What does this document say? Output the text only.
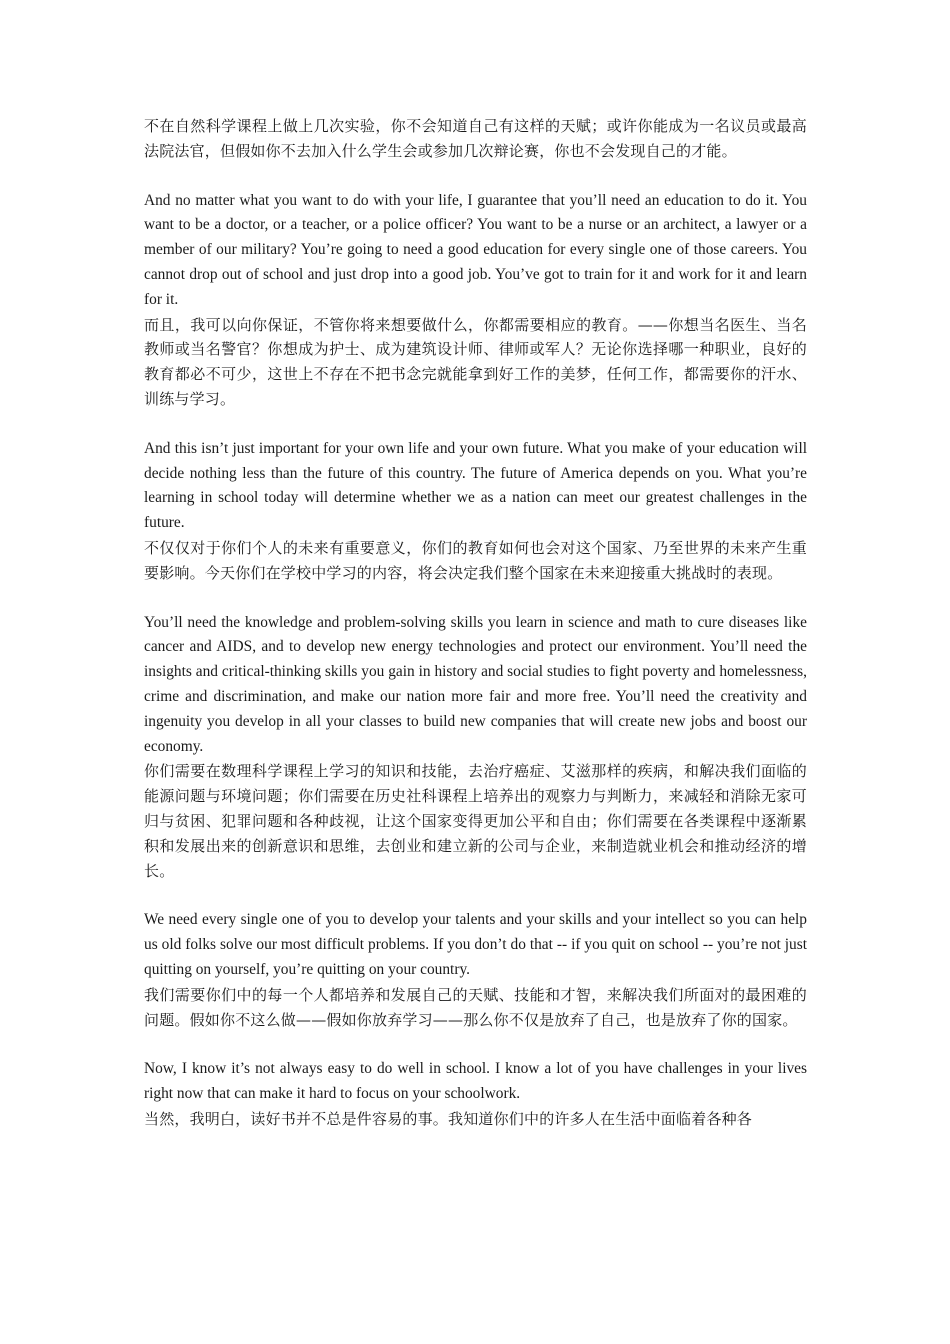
不在自然科学课程上做上几次实验，你不会知道自己有这样的天赋；或许你能成为一名议员或最高法院法官，但假如你不去加入什么学生会或参加几次辩论赛，你也不会发现自己的才能。

And no matter what you want to do with your life, I guarantee that you’ll need an education to do it. You want to be a doctor, or a teacher, or a police officer? You want to be a nurse or an architect, a lawyer or a member of our military? You’re going to need a good education for every single one of those careers. You cannot drop out of school and just drop into a good job. You’ve got to train for it and work for it and learn for it.

而且，我可以向你保证，不管你将来想要做什么，你都需要相应的教育。——你想当名医生、当名教师或当名警官？你想成为护士、成为建筑设计师、律师或军人？无论你选择哪一种职业，良好的教育都必不可少，这世上不存在不把书念完就能拿到好工作的美梦，任何工作，都需要你的汗水、训练与学习。

And this isn’t just important for your own life and your own future. What you make of your education will decide nothing less than the future of this country. The future of America depends on you. What you’re learning in school today will determine whether we as a nation can meet our greatest challenges in the future.

不仅仅对于你们个人的未来有重要意义，你们的教育如何也会对这个国家、乃至世界的未来产生重要影响。今天你们在学校中学习的内容，将会决定我们整个国家在未来迎接重大挑战时的表现。

You’ll need the knowledge and problem-solving skills you learn in science and math to cure diseases like cancer and AIDS, and to develop new energy technologies and protect our environment. You’ll need the insights and critical-thinking skills you gain in history and social studies to fight poverty and homelessness, crime and discrimination, and make our nation more fair and more free. You’ll need the creativity and ingenuity you develop in all your classes to build new companies that will create new jobs and boost our economy.

你们需要在数理科学课程上学习的知识和技能，去治疗癌症、艾滋那样的疾病，和解决我们面临的能源问题与环境问题；你们需要在历史社科课程上培养出的观察力与判断力，来减轻和消除无家可归与贫困、犯罪问题和各种歧视，让这个国家变得更加公平和自由；你们需要在各类课程中逐渐累积和发展出来的创新意识和思维，去创业和建立新的公司与企业，来制造就业机会和推动经济的增长。

We need every single one of you to develop your talents and your skills and your intellect so you can help us old folks solve our most difficult problems. If you don’t do that -- if you quit on school -- you’re not just quitting on yourself, you’re quitting on your country.

我们需要你们中的每一个人都培养和发展自己的天赋、技能和才智，来解决我们所面对的最困难的问题。假如你不这么做——假如你放弃学习——那么你不仅是放弃了自己，也是放弃了你的国家。

Now, I know it’s not always easy to do well in school. I know a lot of you have challenges in your lives right now that can make it hard to focus on your schoolwork.

当然，我明白，读好书并不总是件容易的事。我知道你们中的许多人在生活中面临着各种各
